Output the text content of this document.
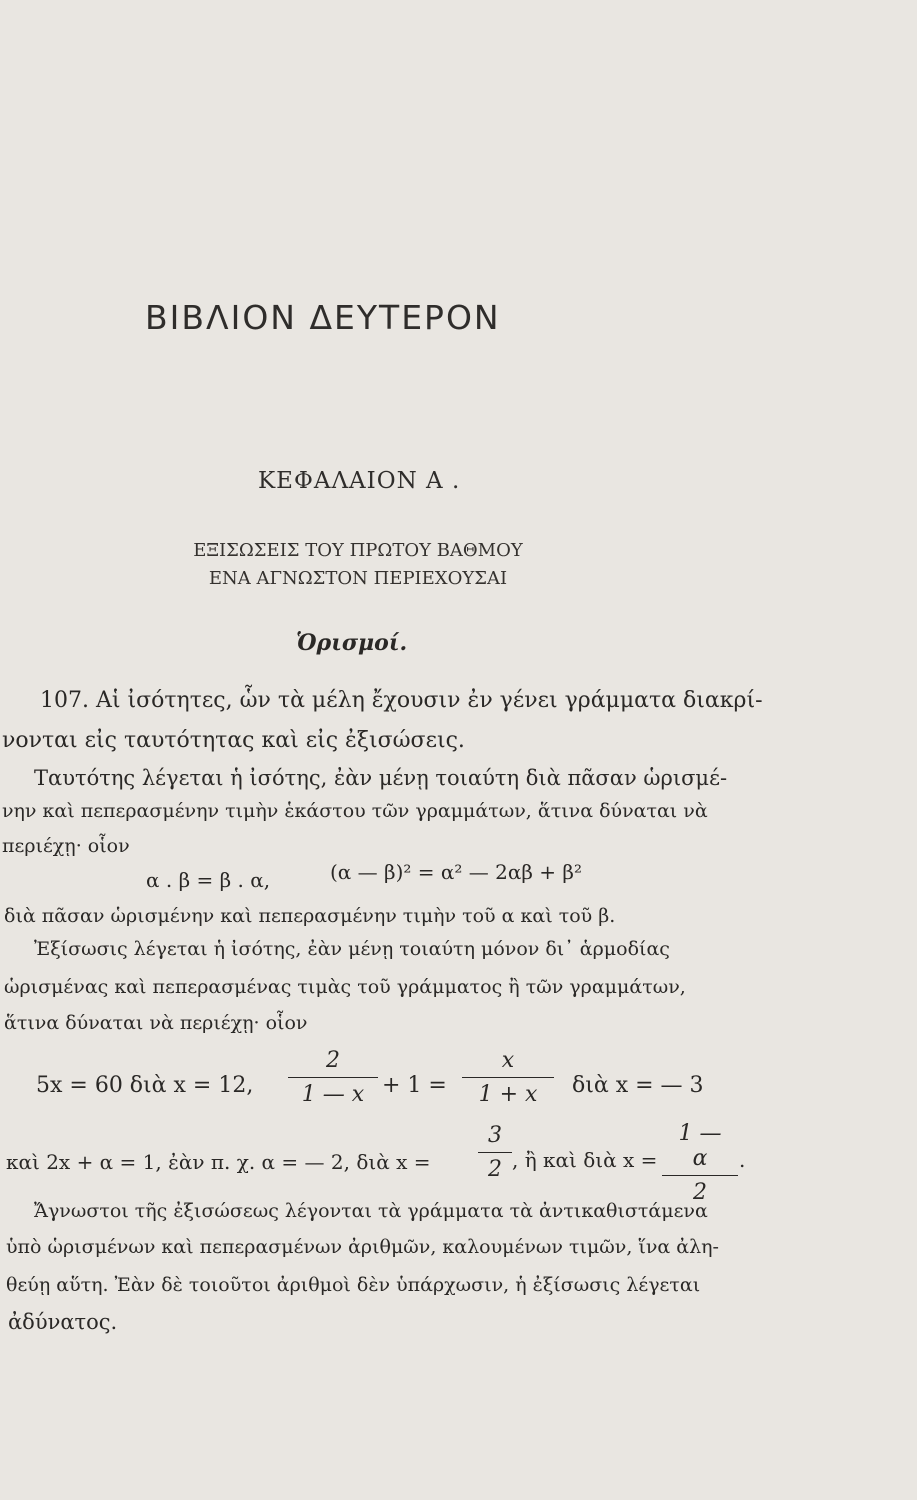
ΒΙΒΛΙΟΝ ΔΕΥΤΕΡΟΝ
ΚΕΦΑΛΑΙΟΝ Α .
ΕΞΙΣΩΣΕΙΣ ΤΟΥ ΠΡΩΤΟΥ ΒΑΘΜΟΥ
ΕΝΑ ΑΓΝΩΣΤΟΝ ΠΕΡΙΕΧΟΥΣΑΙ
Ὁρισμοί.
107. Αἱ ἰσότητες, ὧν τὰ μέλη ἔχουσιν ἐν γένει γράμματα διακρί-
νονται εἰς ταυτότητας καὶ εἰς ἐξισώσεις.
Ταυτότης λέγεται ἡ ἰσότης, ἐὰν μένῃ τοιαύτη διὰ πᾶσαν ὡρισμέ-
νην καὶ πεπερασμένην τιμὴν ἑκάστου τῶν γραμμάτων, ἅτινα δύναται νὰ
περιέχῃ· οἷον
α . β = β . α,	(α — β)² = α² — 2αβ + β²
διὰ πᾶσαν ὡρισμένην καὶ πεπερασμένην τιμὴν τοῦ α καὶ τοῦ β.
Ἐξίσωσις λέγεται ἡ ἰσότης, ἐὰν μένῃ τοιαύτη μόνον δι᾽ ἁρμοδίας
ὡρισμένας καὶ πεπερασμένας τιμὰς τοῦ γράμματος ἢ τῶν γραμμάτων,
ἅτινα δύναται νὰ περιέχῃ· οἷον
5x = 60 διὰ x = 12, $\frac{2}{1 — x} + 1 = \frac{x}{1 + x}$ διὰ x = — 3
καὶ 2x + α = 1, ἐὰν π. χ. α = — 2, διὰ $x = \frac{3}{2}$ , ἢ καὶ διὰ $x = \frac{1 — \alpha}{2}$ .
Ἄγνωστοι τῆς ἐξισώσεως λέγονται τὰ γράμματα τὰ ἀντικαθιστάμενα
ὑπὸ ὡρισμένων καὶ πεπερασμένων ἀριθμῶν, καλουμένων τιμῶν, ἵνα ἀλη-
θεύῃ αὕτη. Ἐὰν δὲ τοιοῦτοι ἀριθμοὶ δὲν ὑπάρχωσιν, ἡ ἐξίσωσις λέγεται
ἀδύνατος.
